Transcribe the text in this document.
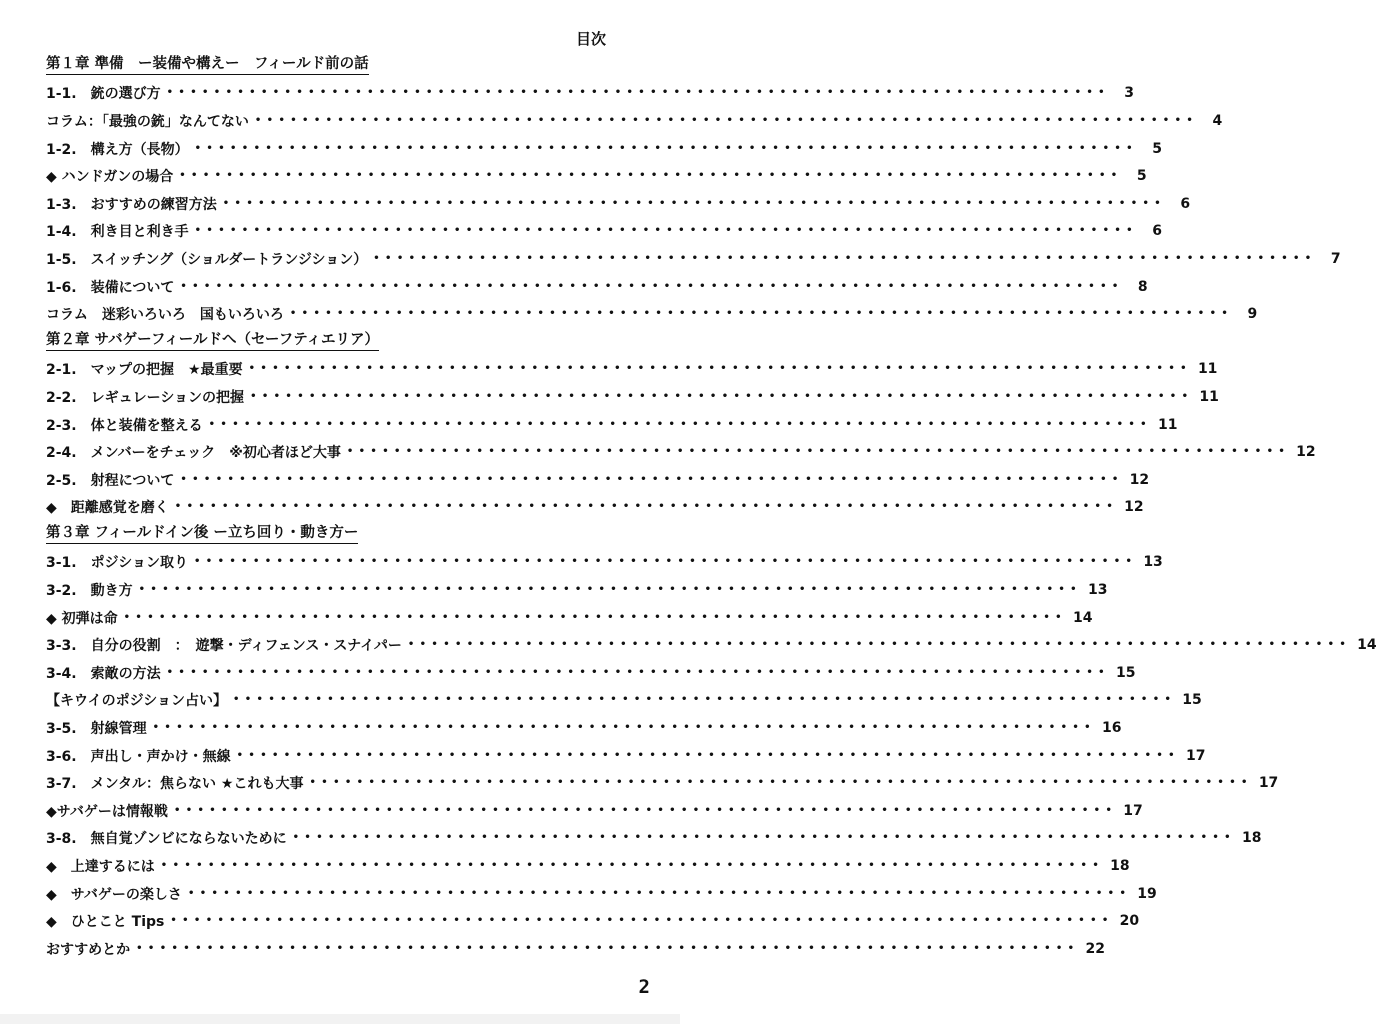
目次
第１章 準備　ー装備や構えー　フィールド前の話
1-1.　銃の選び方 ••••••••••••••••••••••••••••••••••••••••••••••••••••••••••••••••••••••••••••••••	3
コラム：「最強の銃」なんてない ••••••••••••••••••••••••••••••••••••••••••••••••••••••••••••••••••••••••••••••••	4
1-2.　構え方（長物） ••••••••••••••••••••••••••••••••••••••••••••••••••••••••••••••••••••••••••••••••	5
◆ ハンドガンの場合 ••••••••••••••••••••••••••••••••••••••••••••••••••••••••••••••••••••••••••••••••	5
1-3.　おすすめの練習方法 ••••••••••••••••••••••••••••••••••••••••••••••••••••••••••••••••••••••••••••••••	6
1-4.　利き目と利き手 ••••••••••••••••••••••••••••••••••••••••••••••••••••••••••••••••••••••••••••••••	6
1-5.　スイッチング（ショルダートランジション） ••••••••••••••••••••••••••••••••••••••••••••••••••••••••••••••••••••••••••••••••	7
1-6.　装備について ••••••••••••••••••••••••••••••••••••••••••••••••••••••••••••••••••••••••••••••••	8
コラム　迷彩いろいろ　国もいろいろ ••••••••••••••••••••••••••••••••••••••••••••••••••••••••••••••••••••••••••••••••	9
第２章 サバゲーフィールドへ（セーフティエリア）
2-1.　マップの把握　★最重要 •••••••••••••••••••••••••••••••••••••••••••••••••••••••••••••••••••••••••••••••• 11
2-2.　レギュレーションの把握 •••••••••••••••••••••••••••••••••••••••••••••••••••••••••••••••••••••••••••••••• 11
2-3.　体と装備を整える •••••••••••••••••••••••••••••••••••••••••••••••••••••••••••••••••••••••••••••••• 11
2-4.　メンバーをチェック　※初心者ほど大事 •••••••••••••••••••••••••••••••••••••••••••••••••••••••••••••••••••••••••••••••• 12
2-5.　射程について •••••••••••••••••••••••••••••••••••••••••••••••••••••••••••••••••••••••••••••••• 12
◆　距離感覚を磨く •••••••••••••••••••••••••••••••••••••••••••••••••••••••••••••••••••••••••••••••• 12
第３章 フィールドイン後 ー立ち回り・動き方ー
3-1.　ポジション取り •••••••••••••••••••••••••••••••••••••••••••••••••••••••••••••••••••••••••••••••• 13
3-2.　動き方 •••••••••••••••••••••••••••••••••••••••••••••••••••••••••••••••••••••••••••••••• 13
◆ 初弾は命 •••••••••••••••••••••••••••••••••••••••••••••••••••••••••••••••••••••••••••••••• 14
3-3.　自分の役割　：　遊撃・ディフェンス・スナイパー •••••••••••••••••••••••••••••••••••••••••••••••••••••••••••••••••••••••••••••••• 14
3-4.　索敵の方法 •••••••••••••••••••••••••••••••••••••••••••••••••••••••••••••••••••••••••••••••• 15
【キウイのポジション占い】 •••••••••••••••••••••••••••••••••••••••••••••••••••••••••••••••••••••••••••••••• 15
3-5.　射線管理 •••••••••••••••••••••••••••••••••••••••••••••••••••••••••••••••••••••••••••••••• 16
3-6.　声出し・声かけ・無線 •••••••••••••••••••••••••••••••••••••••••••••••••••••••••••••••••••••••••••••••• 17
3-7.　メンタル：焦らない ★これも大事 •••••••••••••••••••••••••••••••••••••••••••••••••••••••••••••••••••••••••••••••• 17
◆サバゲーは情報戦 •••••••••••••••••••••••••••••••••••••••••••••••••••••••••••••••••••••••••••••••• 17
3-8.　無自覚ゾンビにならないために •••••••••••••••••••••••••••••••••••••••••••••••••••••••••••••••••••••••••••••••• 18
◆　上達するには •••••••••••••••••••••••••••••••••••••••••••••••••••••••••••••••••••••••••••••••• 18
◆　サバゲーの楽しさ •••••••••••••••••••••••••••••••••••••••••••••••••••••••••••••••••••••••••••••••• 19
◆　ひとこと Tips •••••••••••••••••••••••••••••••••••••••••••••••••••••••••••••••••••••••••••••••• 20
おすすめとか •••••••••••••••••••••••••••••••••••••••••••••••••••••••••••••••••••••••••••••••• 22
2
